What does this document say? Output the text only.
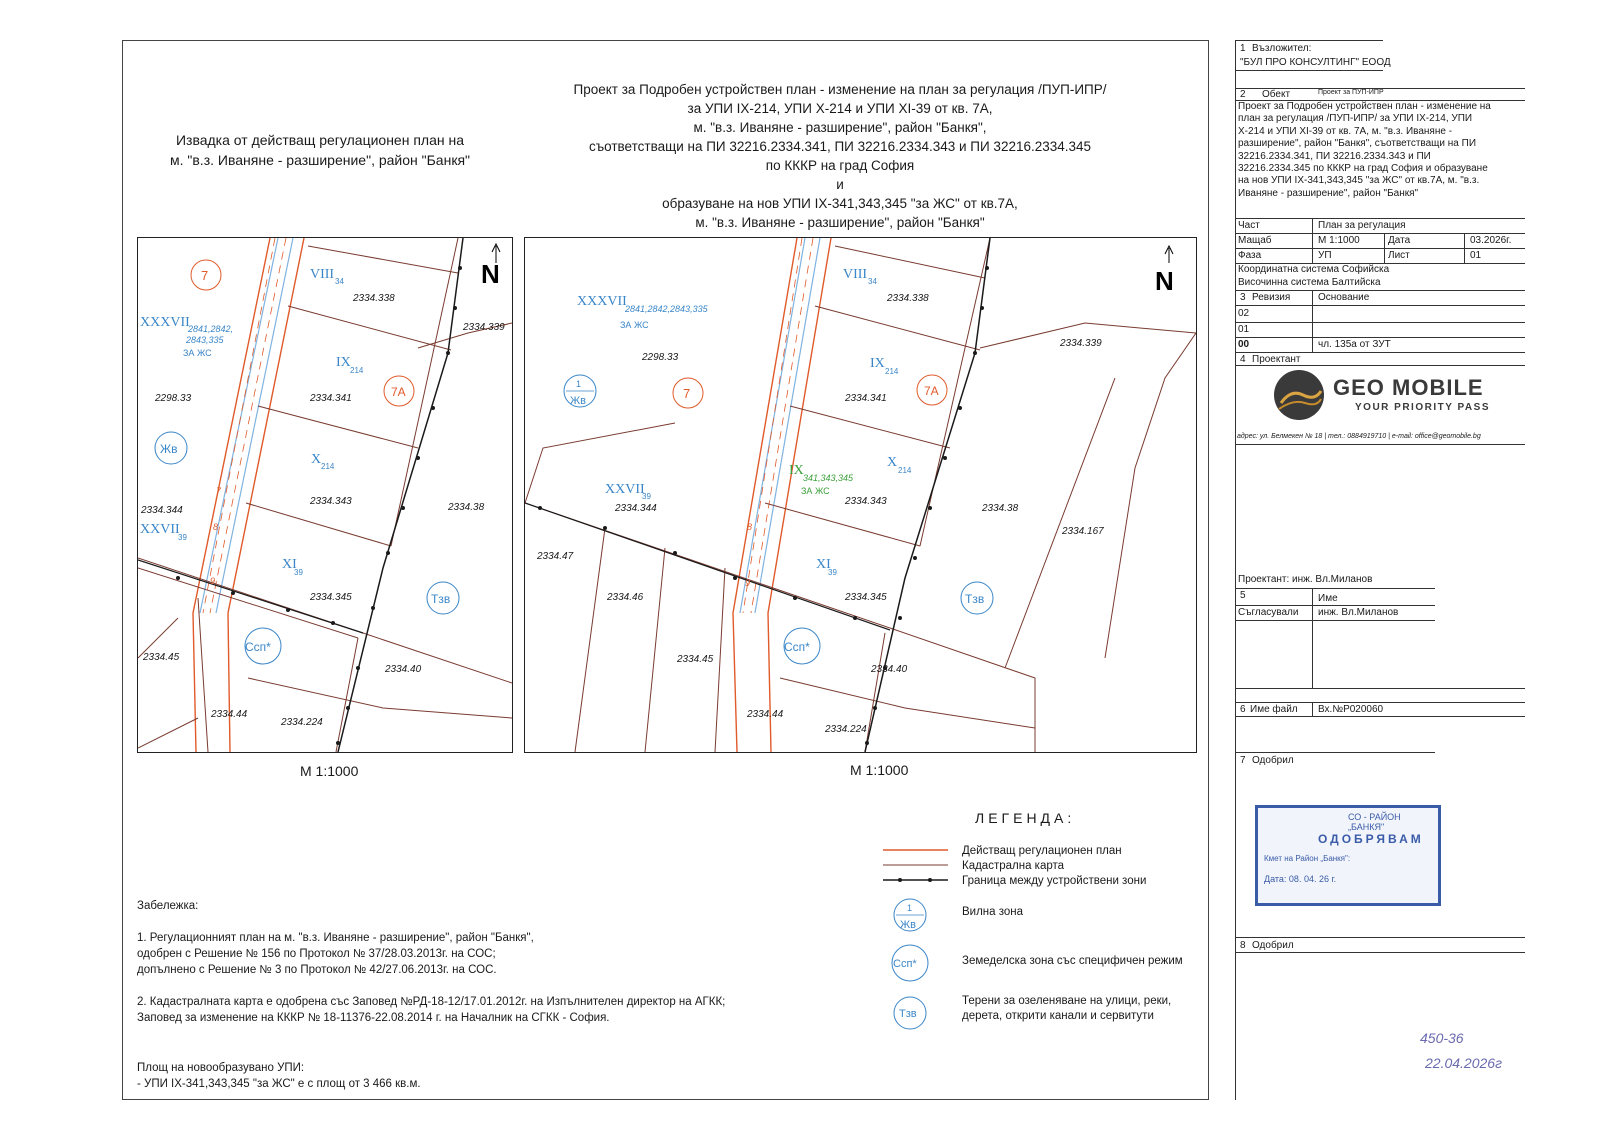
Проект за Подробен устройствен план - изменение на план за регулация /ПУП-ИПР/
за УПИ IX-214, УПИ X-214 и УПИ XI-39 от кв. 7А,
м. "в.з. Иваняне - разширение", район "Банкя",
съответстващи на ПИ 32216.2334.341, ПИ 32216.2334.343 и ПИ 32216.2334.345
по КККР на град София
и
образуване на нов УПИ IX-341,343,345 "за ЖС" от кв.7А,
м. "в.з. Иваняне - разширение", район "Банкя"
Извадка от действащ регулационен план на
м. "в.з. Иваняне - разширение", район "Банкя"
N
7
7А
Жв
Ссп*
Тзв
XXXVII
2841,2842,
2843,335
ЗА ЖС
VIII 34
IX
214
X 214
XI
39
XXVII
39
2334.338
2334.339
2334.341
2334.343
2334.345
2334.38
2334.344
2334.40
2334.45
2334.44
2334.224
2298.33
7
8
9
М 1:1000
N
1
Жв	7	7А
Ссп*
Тзв
XXXVII
2841,2842,2843,335
ЗА ЖС
VIII 34
IX
214
X
214
XI
39
XXVII
39
IX 341,343,345
ЗА ЖС
2334.338
2334.339
2334.341
2334.343
2334.345
2334.38
2334.344
2334.40
2334.45
2334.44
2334.224
2334.47
2334.46
2334.167
2298.33
8
9
М 1:1000
ЛЕГЕНДА:
1
Жв
Ссп*
Тзв
Действащ регулационен план
Кадастрална карта
Граница между устройствени зони
Вилна зона
Земеделска зона със специфичен режим
Терени за озеленяване на улици, реки,
дерета, открити канали и сервитути

Забележка:

1. Регулационният план на м. "в.з. Иваняне - разширение", район "Банкя",

одобрен с Решение № 156 по Протокол № 37/28.03.2013г. на СОС;

допълнено с Решение № 3 по Протокол № 42/27.06.2013г. на СОС.

2. Кадастралната карта е одобрена със Заповед №РД-18-12/17.01.2012г. на Изпълнителен директор на АГКК;

Заповед за изменение на КККР № 18-11376-22.08.2014 г. на Началник на СГКК - София.

Площ на новообразувано УПИ:

- УПИ IX-341,343,345 "за ЖС" е с площ от 3 466 кв.м.

1 Възложител:
"БУЛ ПРО КОНСУЛТИНГ" ЕООД
2 Обект	Проект за ПУП-ИПР
Проект за Подробен устройствен план - изменение на
план за регулация /ПУП-ИПР/ за УПИ IX-214, УПИ
X-214 и УПИ XI-39 от кв. 7А, м. "в.з. Иваняне -
разширение", район "Банкя", съответстващи на ПИ
32216.2334.341, ПИ 32216.2334.343 и ПИ
32216.2334.345 по КККР на град София и образуване
на нов УПИ IX-341,343,345 "за ЖС" от кв.7А, м. "в.з.
Иваняне - разширение", район "Банкя"
Част	План за регулация
Мащаб	М 1:1000	Дата	03.2026г.
Фаза	УП	Лист	01
Координатна система Софийска
Височинна система Балтийска
3 Ревизия	Основание
02
01
00	чл. 135а от ЗУТ
4 Проектант
GEO MOBILE
YOUR PRIORITY PASS
адрес: ул. Белмекен № 18 | тел.: 0884919710 | e-mail: office@geomobile.bg
Проектант: инж. Вл.Миланов
5	Име
Съгласували инж. Вл.Миланов
6 Име файл Вх.№P020060
7 Одобрил
СО - РАЙОН „БАНКЯ"
ОДОБРЯВАМ
Кмет на Район „Банкя":
Дата: 08. 04. 26 г.
8 Одобрил
450-36
22.04.2026г
